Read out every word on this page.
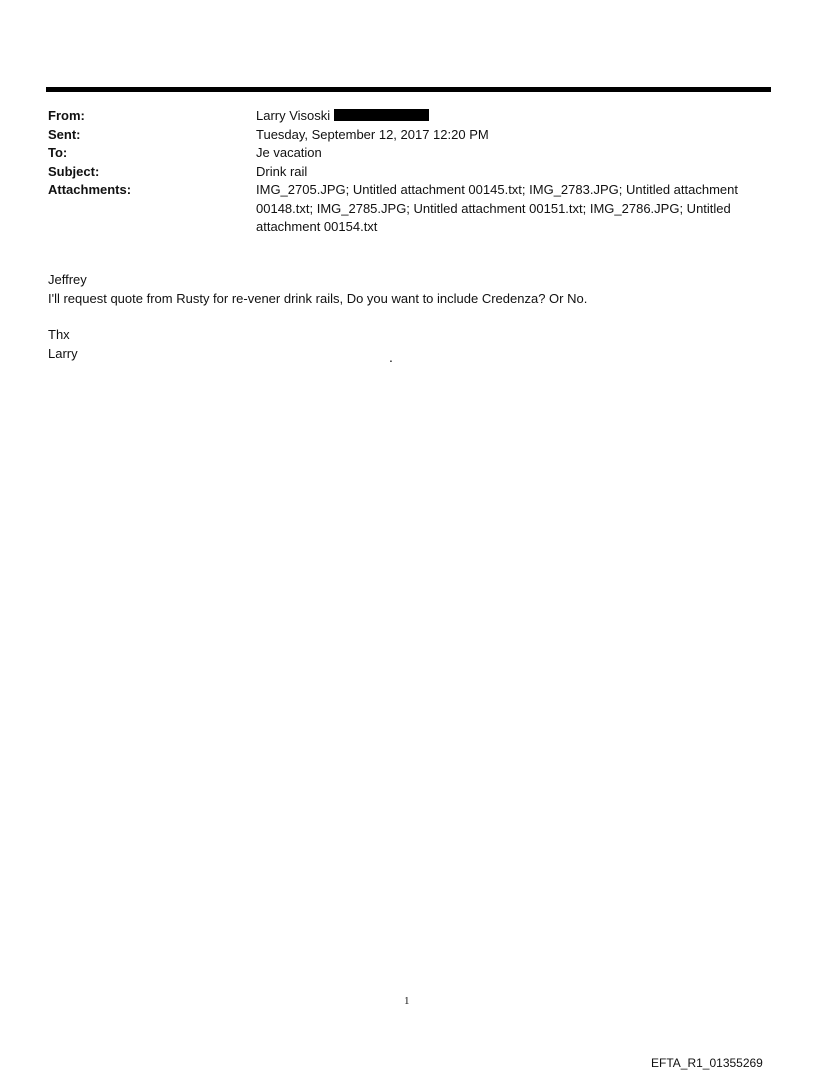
From:	Larry Visoski
Sent:	Tuesday, September 12, 2017 12:20 PM
To:	Je vacation
Subject:	Drink rail
Attachments:	IMG_2705.JPG; Untitled attachment 00145.txt; IMG_2783.JPG; Untitled attachment 00148.txt; IMG_2785.JPG; Untitled attachment 00151.txt; IMG_2786.JPG; Untitled attachment 00154.txt

Jeffrey

I'll request quote from Rusty for re-vener drink rails, Do you want to include Credenza? Or No.

Thx

Larry	.
1
EFTA_R1_01355269
